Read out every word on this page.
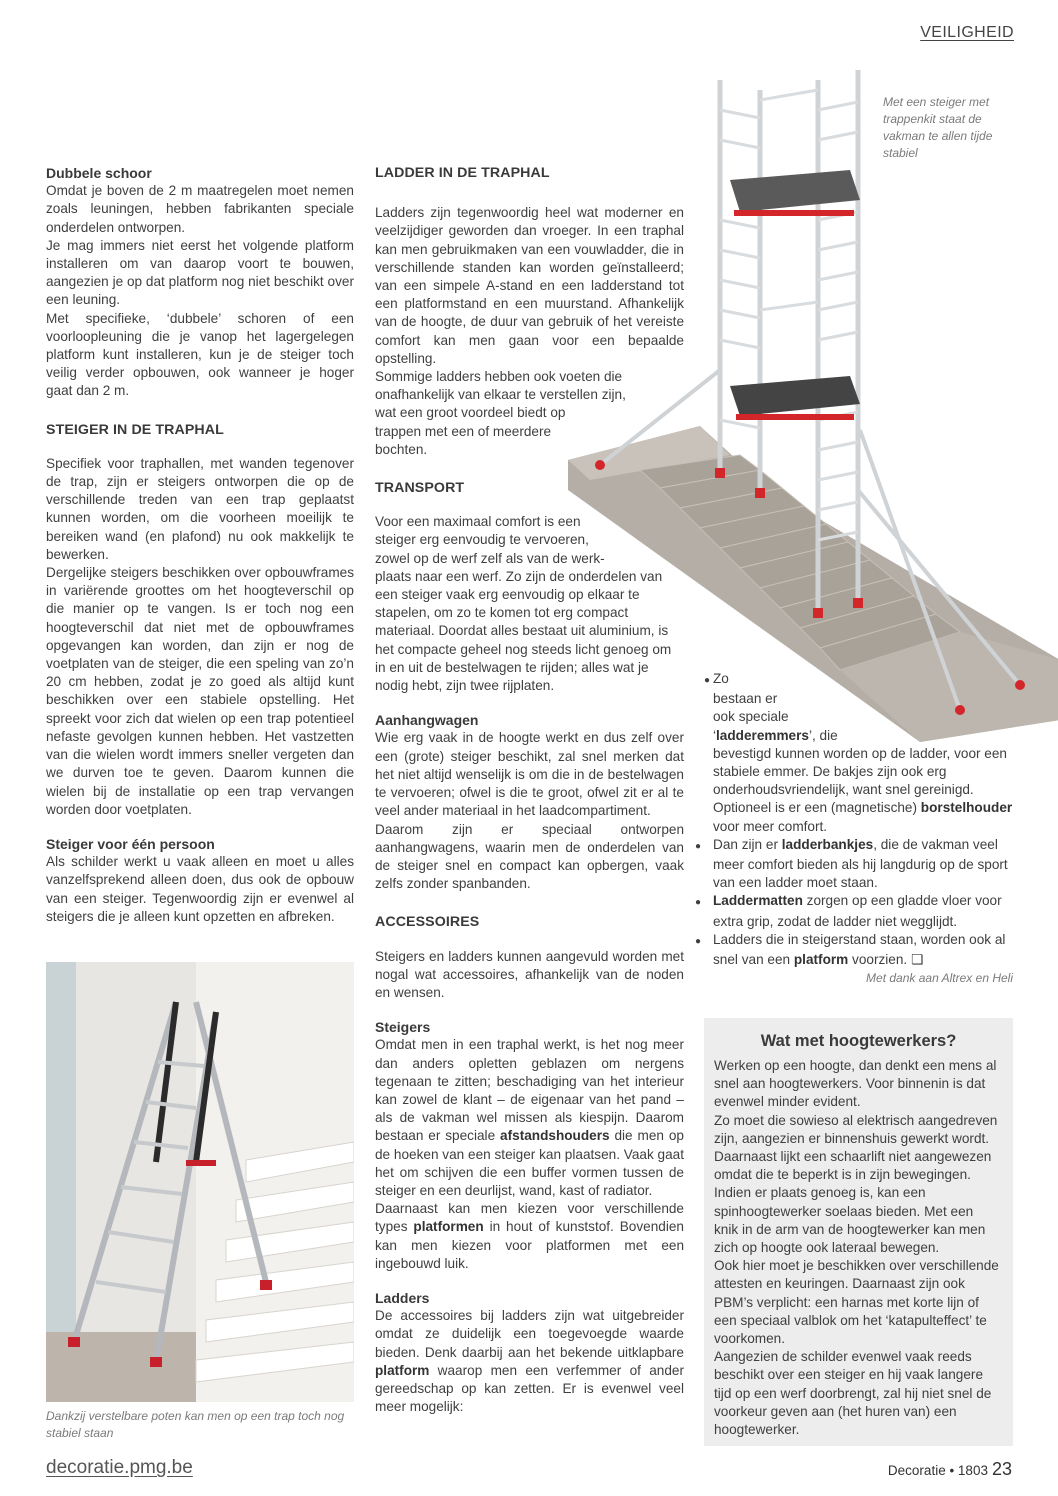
VEILIGHEID
Met een steiger met trappenkit staat de vakman te allen tijde stabiel
Dubbele schoor

Omdat je boven de 2 m maatregelen moet nemen zoals leuningen, hebben fabrikanten speciale onderdelen ontworpen.

Je mag immers niet eerst het volgende platform installeren om van daarop voort te bouwen, aangezien je op dat platform nog niet beschikt over een leuning.

Met specifieke, ‘dubbele’ schoren of een voorloopleuning die je vanop het lagergelegen platform kunt installeren, kun je de steiger toch veilig verder opbouwen, ook wanneer je hoger gaat dan 2 m.

STEIGER IN DE TRAPHAL

Specifiek voor traphallen, met wanden tegenover de trap, zijn er steigers ontworpen die op de verschillende treden van een trap geplaatst kunnen worden, om die voorheen moeilijk te bereiken wand (en plafond) nu ook makkelijk te bewerken.

Dergelijke steigers beschikken over opbouwframes in variërende groottes om het hoogteverschil op die manier op te vangen. Is er toch nog een hoogteverschil dat niet met de opbouwframes opgevangen kan worden, dan zijn er nog de voetplaten van de steiger, die een speling van zo’n 20 cm hebben, zodat je zo goed als altijd kunt beschikken over een stabiele opstelling. Het spreekt voor zich dat wielen op een trap potentieel nefaste gevolgen kunnen hebben. Het vastzetten van die wielen wordt immers sneller vergeten dan we durven toe te geven. Daarom kunnen die wielen bij de installatie op een trap vervangen worden door voetplaten.

Steiger voor één persoon

Als schilder werkt u vaak alleen en moet u alles vanzelfsprekend alleen doen, dus ook de opbouw van een steiger. Tegenwoordig zijn er evenwel al steigers die je alleen kunt opzetten en afbreken.

Dankzij verstelbare poten kan men op een trap toch nog stabiel staan
LADDER IN DE TRAPHAL

Ladders zijn tegenwoordig heel wat moderner en veelzijdiger geworden dan vroeger. In een traphal kan men gebruikmaken van een vouwladder, die in verschillende standen kan worden geïnstalleerd; van een simpele A-stand en een ladderstand tot een platformstand en een muurstand. Afhankelijk van de hoogte, de duur van gebruik of het vereiste comfort kan men gaan voor een bepaalde opstelling.

Sommige ladders hebben ook voeten die
onafhankelijk van elkaar te verstellen zijn,
wat een groot voordeel biedt op
trappen met een of meerdere
bochten.

TRANSPORT

Voor een maximaal comfort is een
steiger erg eenvoudig te vervoeren,
zowel op de werf zelf als van de werk-
plaats naar een werf. Zo zijn de onderdelen van een steiger vaak erg eenvoudig op elkaar te stapelen, om zo te komen tot erg compact materiaal. Doordat alles bestaat uit aluminium, is het compacte geheel nog steeds licht genoeg om in en uit de bestelwagen te rijden; alles wat je nodig hebt, zijn twee rijplaten.

Aanhangwagen

Wie erg vaak in de hoogte werkt en dus zelf over een (grote) steiger beschikt, zal snel merken dat het niet altijd wenselijk is om die in de bestelwagen te vervoeren; ofwel is die te groot, ofwel zit er al te veel ander materiaal in het laadcompartiment.

Daarom zijn er speciaal ontworpen aanhangwagens, waarin men de onderdelen van de steiger snel en compact kan opbergen, vaak zelfs zonder spanbanden.

ACCESSOIRES

Steigers en ladders kunnen aangevuld worden met nogal wat accessoires, afhankelijk van de noden en wensen.

Steigers

Omdat men in een traphal werkt, is het nog meer dan anders opletten geblazen om nergens tegenaan te zitten; beschadiging van het interieur kan zowel de klant – de eigenaar van het pand – als de vakman wel missen als kiespijn. Daarom bestaan er speciale afstandshouders die men op de hoeken van een steiger kan plaatsen. Vaak gaat het om schijven die een buffer vormen tussen de steiger en een deurlijst, wand, kast of radiator.

Daarnaast kan men kiezen voor verschillende types platformen in hout of kunststof. Bovendien kan men kiezen voor platformen met een ingebouwd luik.

Ladders

De accessoires bij ladders zijn wat uitgebreider omdat ze duidelijk een toegevoegde waarde bieden. Denk daarbij aan het bekende uitklapbare platform waarop men een verfemmer of ander gereedschap op kan zetten. Er is evenwel veel meer mogelijk:

● Zo
bestaan er
ook speciale
‘ladderemmers’, die

bevestigd kunnen worden op de ladder, voor een stabiele emmer. De bakjes zijn ook erg onderhoudsvriendelijk, want snel gereinigd. Optioneel is er een (magnetische) borstelhouder voor meer comfort.

● Dan zijn er ladderbankjes, die de vakman veel meer comfort bieden als hij langdurig op de sport van een ladder moet staan.

● Laddermatten zorgen op een gladde vloer voor extra grip, zodat de ladder niet wegglijdt.

● Ladders die in steigerstand staan, worden ook al snel van een platform voorzien. ❏

Met dank aan Altrex en Heli
Wat met hoogtewerkers?

Werken op een hoogte, dan denkt een mens al snel aan hoogtewerkers. Voor binnenin is dat evenwel minder evident.

Zo moet die sowieso al elektrisch aangedreven zijn, aangezien er binnenshuis gewerkt wordt.

Daarnaast lijkt een schaarlift niet aangewezen omdat die te beperkt is in zijn bewegingen.

Indien er plaats genoeg is, kan een spinhoogtewerker soelaas bieden. Met een knik in de arm van de hoogtewerker kan men zich op hoogte ook lateraal bewegen.

Ook hier moet je beschikken over verschillende attesten en keuringen. Daarnaast zijn ook PBM’s verplicht: een harnas met korte lijn of een speciaal valblok om het ‘katapulteffect’ te voorkomen.

Aangezien de schilder evenwel vaak reeds beschikt over een steiger en hij vaak langere tijd op een werf doorbrengt, zal hij niet snel de voorkeur geven aan (het huren van) een hoogtewerker.

decoratie.pmg.be	Decoratie • 1803 23
